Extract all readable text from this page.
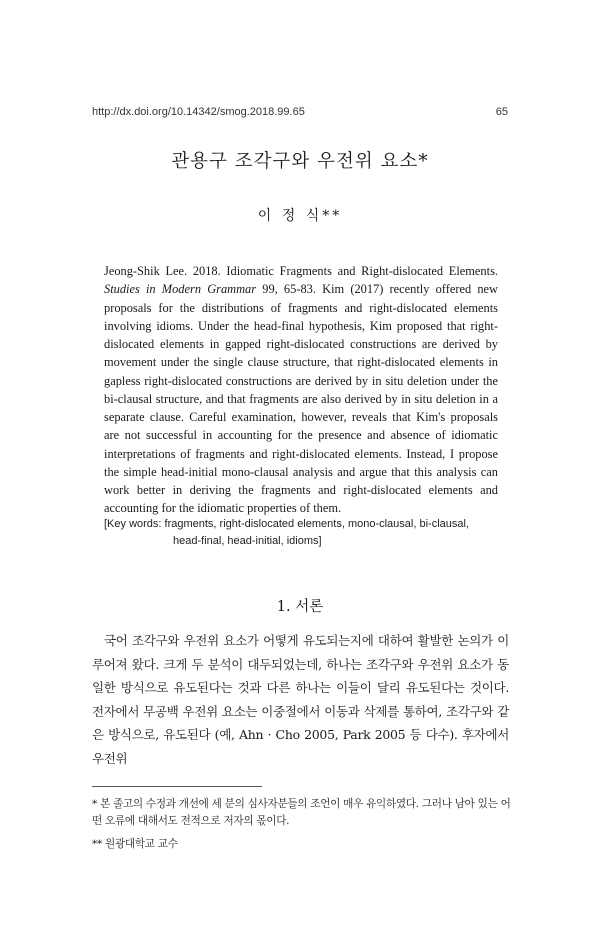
http://dx.doi.org/10.14342/smog.2018.99.65	65
관용구 조각구와 우전위 요소*
이 정 식**

Jeong-Shik Lee. 2018. Idiomatic Fragments and Right-dislocated Elements. Studies in Modern Grammar 99, 65-83. Kim (2017) recently offered new proposals for the distributions of fragments and right-dislocated elements involving idioms. Under the head-final hypothesis, Kim proposed that right-dislocated elements in gapped right-dislocated constructions are derived by movement under the single clause structure, that right-dislocated elements in gapless right-dislocated constructions are derived by in situ deletion under the bi-clausal structure, and that fragments are also derived by in situ deletion in a separate clause. Careful examination, however, reveals that Kim's proposals are not successful in accounting for the presence and absence of idiomatic interpretations of fragments and right-dislocated elements. Instead, I propose the simple head-initial mono-clausal analysis and argue that this analysis can work better in deriving the fragments and right-dislocated elements and accounting for the idiomatic properties of them.

[Key words: fragments, right-dislocated elements, mono-clausal, bi-clausal,
head-final, head-initial, idioms]
1. 서론

국어 조각구와 우전위 요소가 어떻게 유도되는지에 대하여 활발한 논의가 이루어져 왔다. 크게 두 분석이 대두되었는데, 하나는 조각구와 우전위 요소가 동일한 방식으로 유도된다는 것과 다른 하나는 이들이 달리 유도된다는 것이다. 전자에서 무공백 우전위 요소는 이중절에서 이동과 삭제를 통하여, 조각구와 같은 방식으로, 유도된다 (예, Ahn · Cho 2005, Park 2005 등 다수). 후자에서 우전위

* 본 졸고의 수정과 개선에 세 분의 심사자분들의 조언이 매우 유익하였다. 그러나 남아 있는 어떤 오류에 대해서도 전적으로 저자의 몫이다.

** 원광대학교 교수
